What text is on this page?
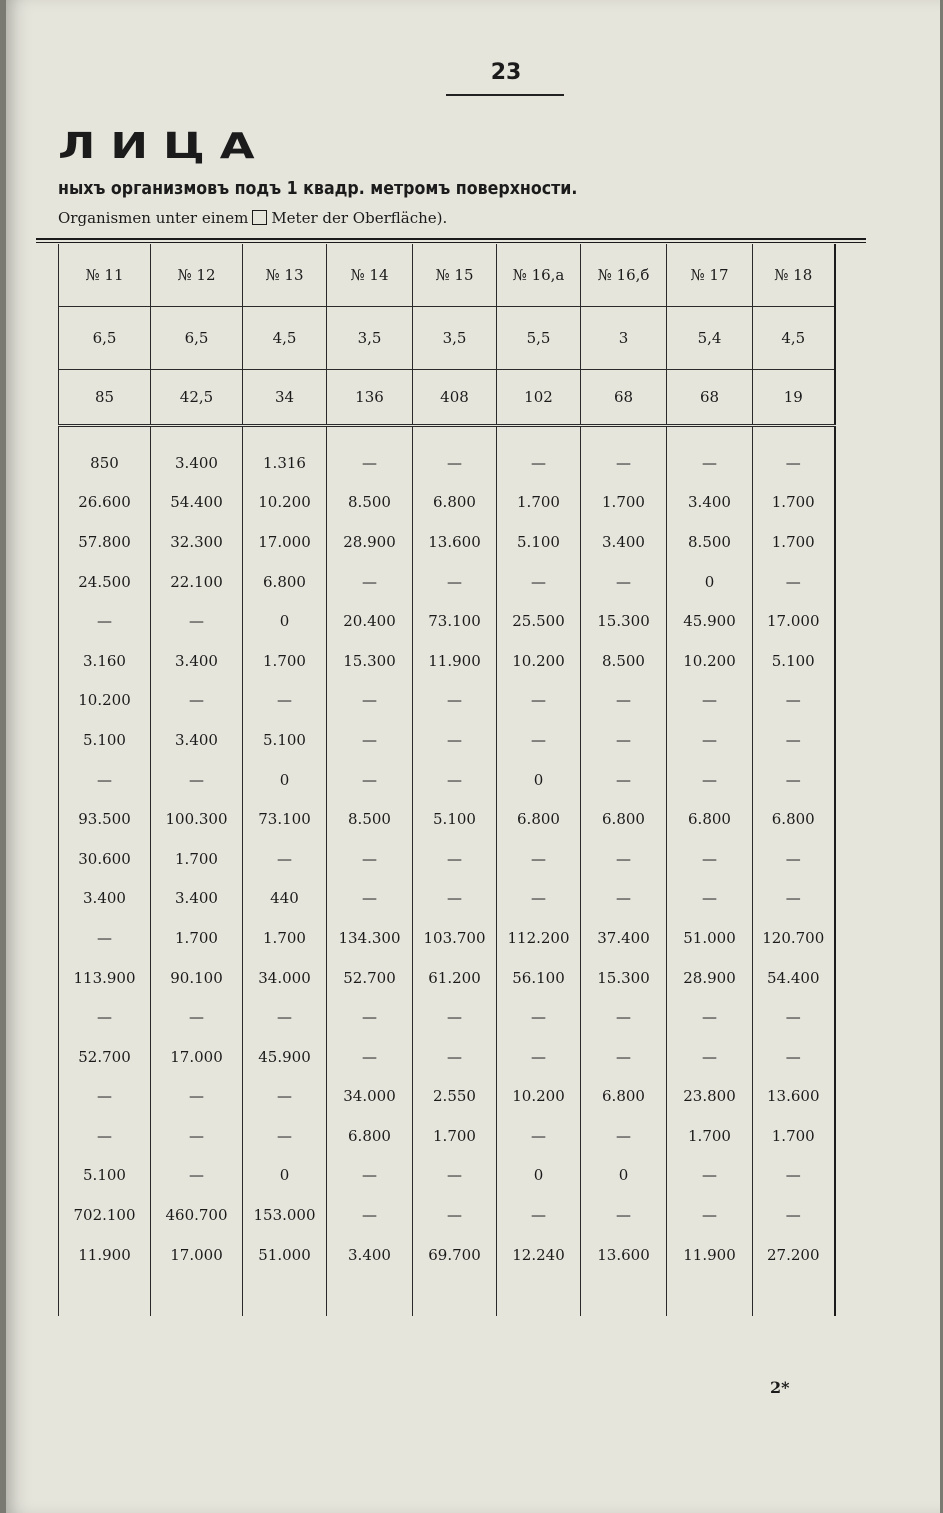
23
ЛИЦА
ныхъ организмовъ подъ 1 квадр. метромъ поверхности.
Organismen unter einem Meter der Oberfläche).
№ 11	№ 12	№ 13	№ 14	№ 15	№ 16,а	№ 16,б	№ 17	№ 18
6,5	6,5	4,5	3,5	3,5	5,5	3	5,4	4,5
85	42,5	34	136	408	102	68	68	19

850	3.400	1.316	—	—	—	—	—	—
26.600	54.400	10.200	8.500	6.800	1.700	1.700	3.400	1.700
57.800	32.300	17.000	28.900	13.600	5.100	3.400	8.500	1.700
24.500	22.100	6.800	—	—	—	—	0	—
—	—	0	20.400	73.100	25.500	15.300	45.900	17.000
3.160	3.400	1.700	15.300	11.900	10.200	8.500	10.200	5.100
10.200	—	—	—	—	—	—	—	—
5.100	3.400	5.100	—	—	—	—	—	—
—	—	0	—	—	0	—	—	—
93.500	100.300	73.100	8.500	5.100	6.800	6.800	6.800	6.800
30.600	1.700	—	—	—	—	—	—	—
3.400	3.400	440	—	—	—	—	—	—
—	1.700	1.700	134.300	103.700	112.200	37.400	51.000	120.700
113.900	90.100	34.000	52.700	61.200	56.100	15.300	28.900	54.400
—	—	—	—	—	—	—	—	—
52.700	17.000	45.900	—	—	—	—	—	—
—	—	—	34.000	2.550	10.200	6.800	23.800	13.600
—	—	—	6.800	1.700	—	—	1.700	1.700
5.100	—	0	—	—	0	0	—	—
702.100	460.700	153.000	—	—	—	—	—	—
11.900	17.000	51.000	3.400	69.700	12.240	13.600	11.900	27.200

2*
